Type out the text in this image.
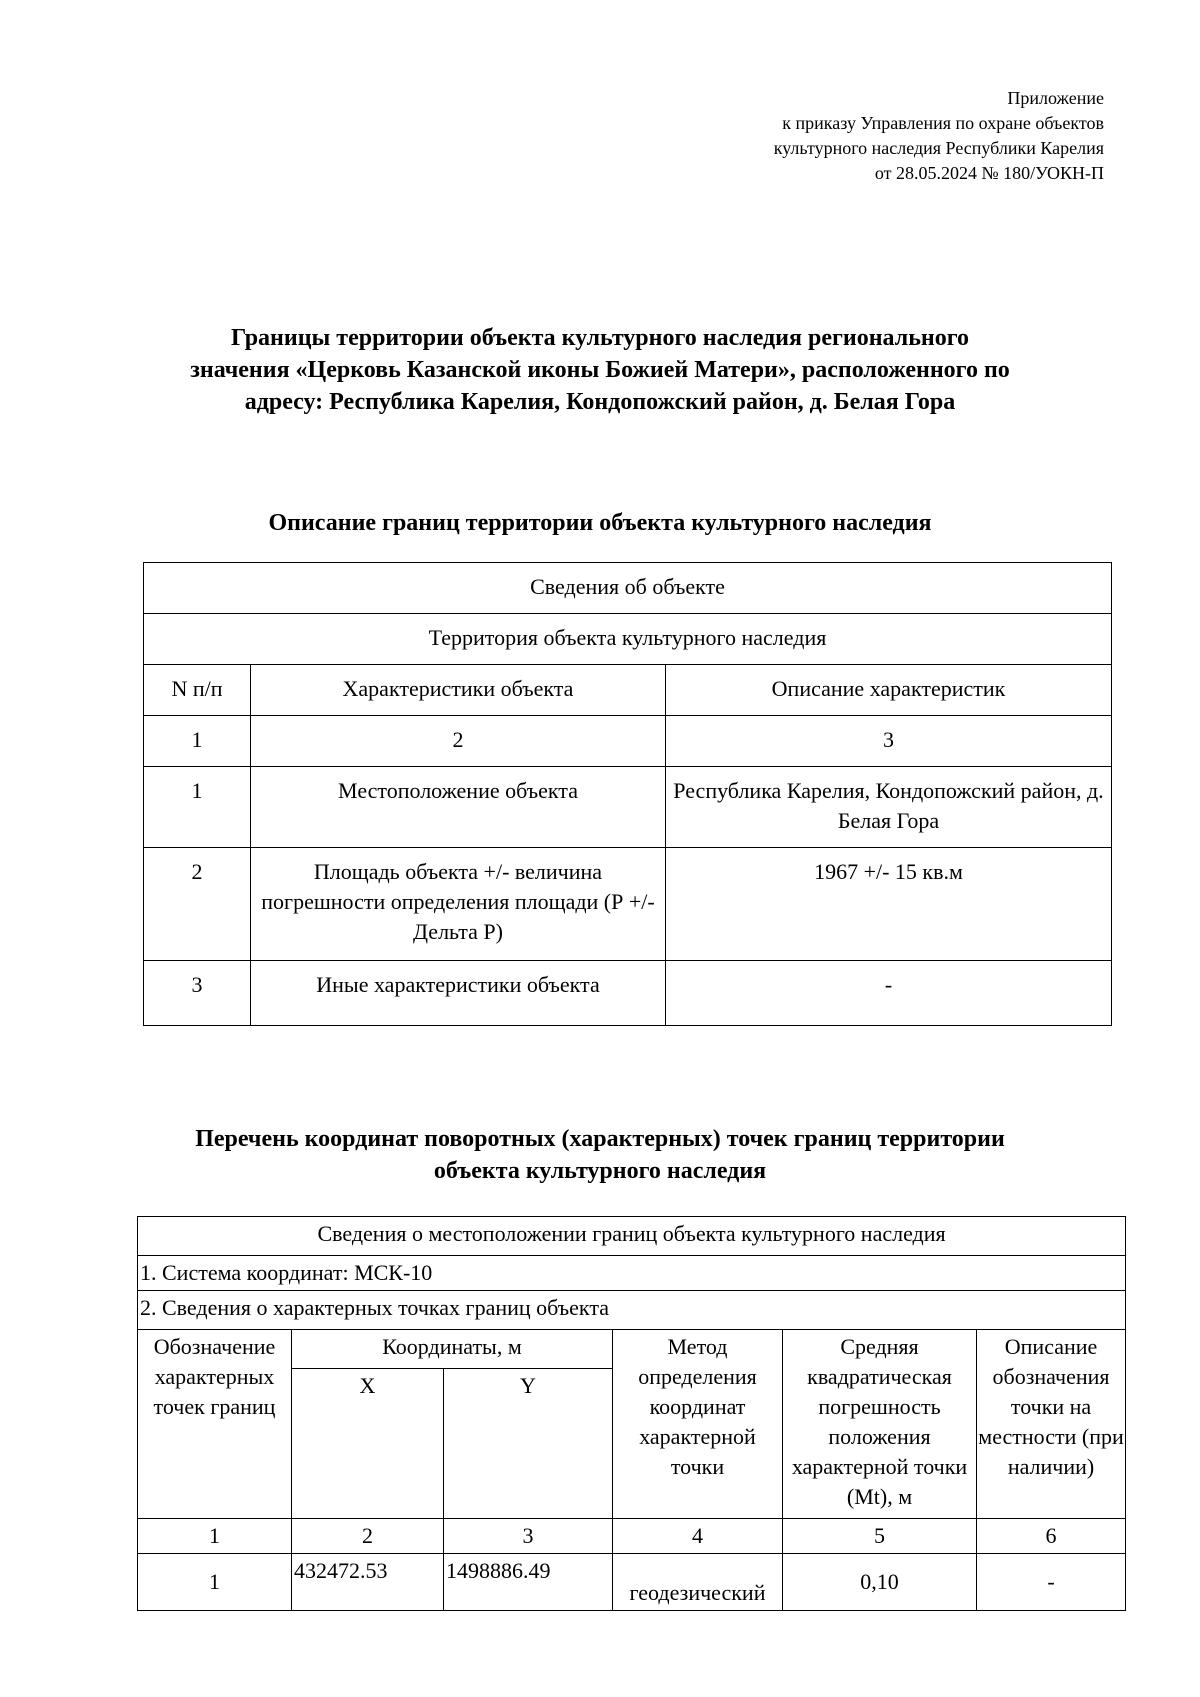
Приложение
к приказу Управления по охране объектов
культурного наследия Республики Карелия
от 28.05.2024 № 180/УОКН-П
Границы территории объекта культурного наследия регионального
значения «Церковь Казанской иконы Божией Матери», расположенного по
адресу: Республика Карелия, Кондопожский район, д. Белая Гора
Описание границ территории объекта культурного наследия
Сведения об объекте		
Территория объекта культурного наследия		
N п/п	Характеристики объекта	Описание характеристик
1	2	3
1	Местоположение объекта	Республика Карелия, Кондопожский район, д. Белая Гора
2	Площадь объекта +/- величина погрешности определения площади (Р +/- Дельта Р)	1967 +/- 15 кв.м
3	Иные характеристики объекта	-
Перечень координат поворотных (характерных) точек границ территории
объекта культурного наследия
Сведения о местоположении границ объекта культурного наследия					
1. Система координат: МСК-10					
2. Сведения о характерных точках границ объекта					
Обозначение характерных точек границ	Координаты, м		Метод определения координат характерной точки	Средняя квадратическая погрешность положения характерной точки (Mt), м	Описание обозначения точки на местности (при наличии)
	X	Y			
1	2	3	4	5	6
1	432472.53	1498886.49	геодезический	0,10	-
